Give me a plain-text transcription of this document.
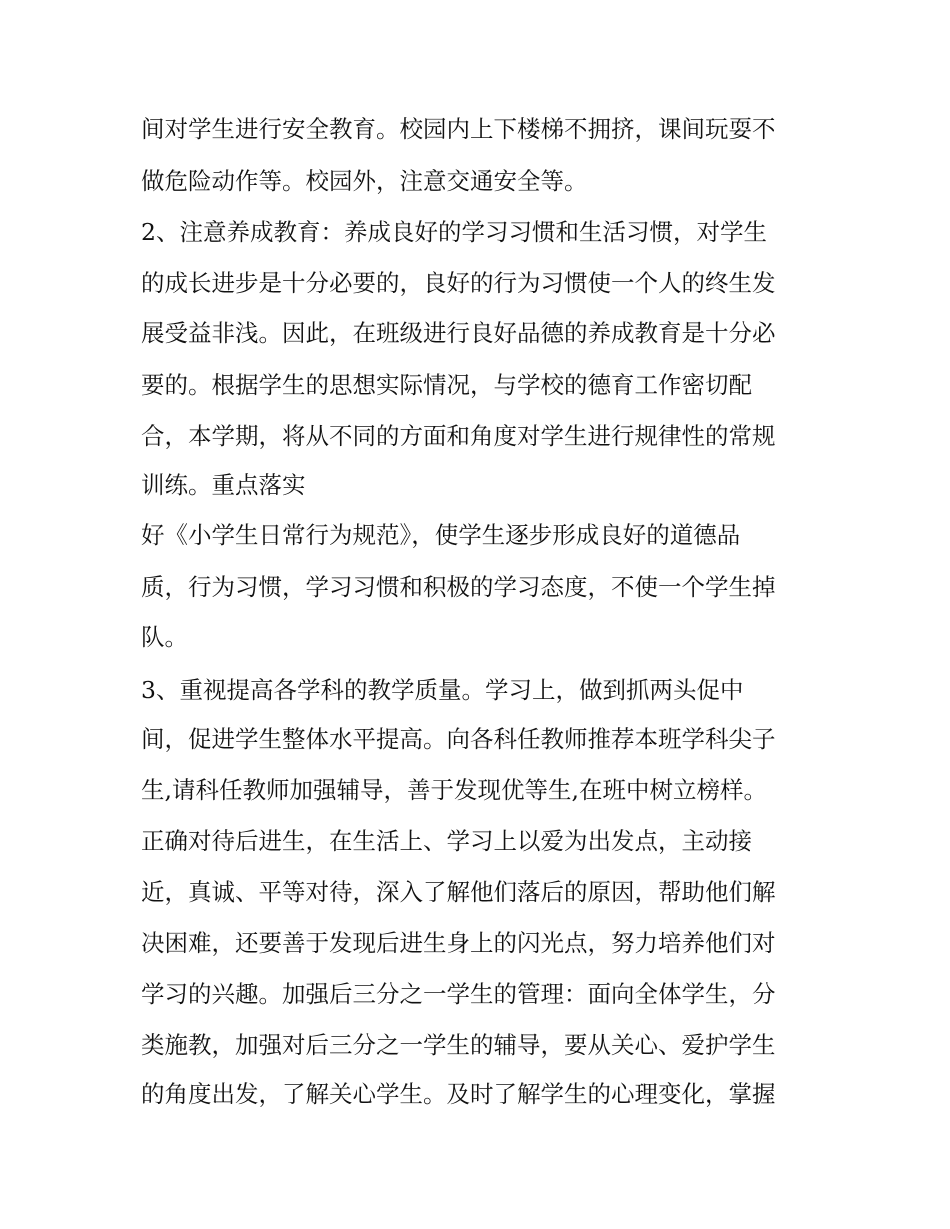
间对学生进行安全教育。校园内上下楼梯不拥挤，课间玩耍不
做危险动作等。校园外，注意交通安全等。
2、注意养成教育：养成良好的学习习惯和生活习惯，对学生
的成长进步是十分必要的，良好的行为习惯使一个人的终生发
展受益非浅。因此，在班级进行良好品德的养成教育是十分必
要的。根据学生的思想实际情况，与学校的德育工作密切配
合，本学期，将从不同的方面和角度对学生进行规律性的常规
训练。重点落实
好《小学生日常行为规范》，使学生逐步形成良好的道德品
质，行为习惯，学习习惯和积极的学习态度，不使一个学生掉
队。
3、重视提高各学科的教学质量。学习上，做到抓两头促中
间，促进学生整体水平提高。向各科任教师推荐本班学科尖子
生,请科任教师加强辅导，善于发现优等生,在班中树立榜样。
正确对待后进生，在生活上、学习上以爱为出发点，主动接
近，真诚、平等对待，深入了解他们落后的原因，帮助他们解
决困难，还要善于发现后进生身上的闪光点，努力培养他们对
学习的兴趣。加强后三分之一学生的管理：面向全体学生，分
类施教，加强对后三分之一学生的辅导，要从关心、爱护学生
的角度出发，了解关心学生。及时了解学生的心理变化，掌握
